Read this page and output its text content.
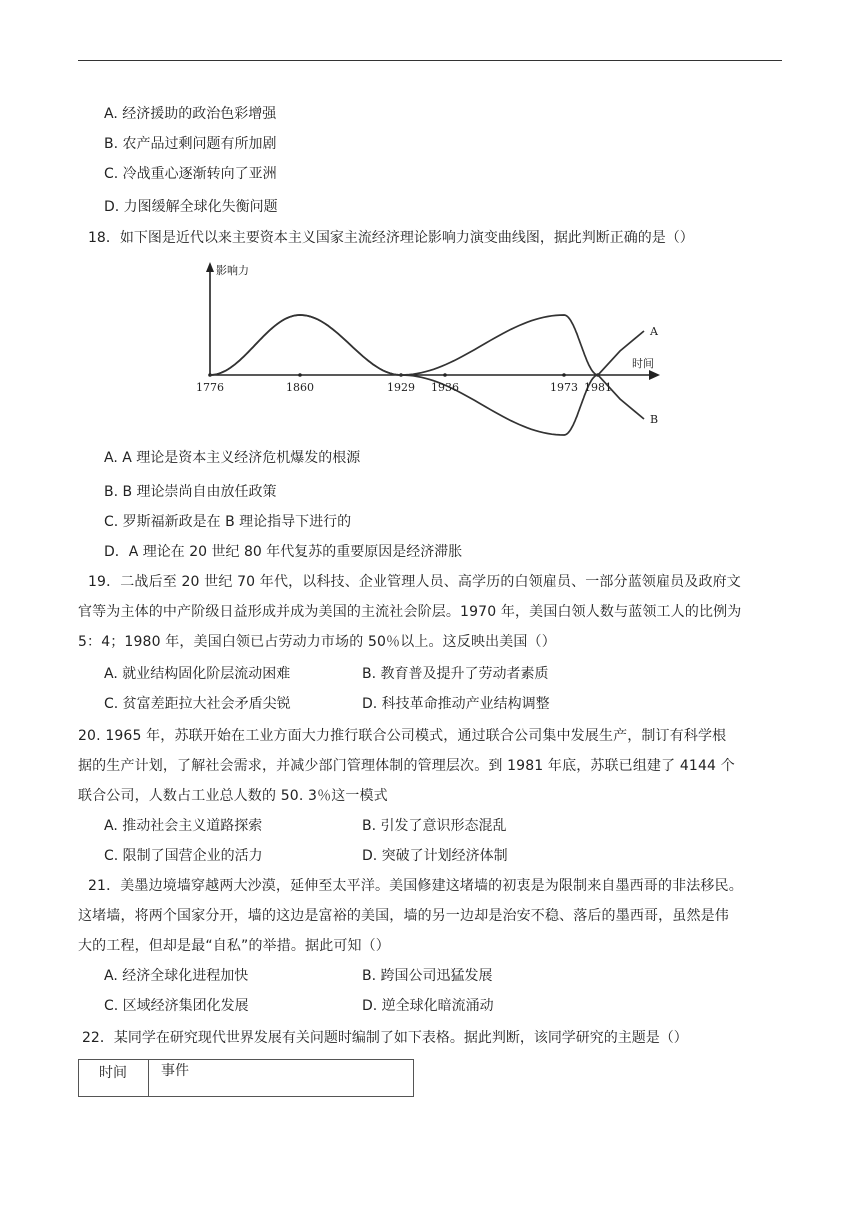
A. 经济援助的政治色彩增强
B. 农产品过剩问题有所加剧
C. 冷战重心逐渐转向了亚洲
D. 力图缓解全球化失衡问题
18．如下图是近代以来主要资本主义国家主流经济理论影响力演变曲线图，据此判断正确的是（）
影响力
时间
1776	1860	1929 1936	1973 1981
A
B
A. A 理论是资本主义经济危机爆发的根源
B. B 理论崇尚自由放任政策
C. 罗斯福新政是在 B 理论指导下进行的
D．A 理论在 20 世纪 80 年代复苏的重要原因是经济滞胀
19．二战后至 20 世纪 70 年代，以科技、企业管理人员、高学历的白领雇员、一部分蓝领雇员及政府文
官等为主体的中产阶级日益形成并成为美国的主流社会阶层。1970 年，美国白领人数与蓝领工人的比例为
5：4；1980 年，美国白领已占劳动力市场的 50％以上。这反映出美国（）
A. 就业结构固化阶层流动困难	B. 教育普及提升了劳动者素质
C. 贫富差距拉大社会矛盾尖锐	D. 科技革命推动产业结构调整
20. 1965 年，苏联开始在工业方面大力推行联合公司模式，通过联合公司集中发展生产，制订有科学根
据的生产计划，了解社会需求，并减少部门管理体制的管理层次。到 1981 年底，苏联已组建了 4144 个
联合公司，人数占工业总人数的 50. 3％这一模式
A. 推动社会主义道路探索	B. 引发了意识形态混乱
C. 限制了国营企业的活力	D. 突破了计划经济体制
21．美墨边境墙穿越两大沙漠，延伸至太平洋。美国修建这堵墙的初衷是为限制来自墨西哥的非法移民。
这堵墙，将两个国家分开，墙的这边是富裕的美国，墙的另一边却是治安不稳、落后的墨西哥，虽然是伟
大的工程，但却是最“自私”的举措。据此可知（）
A. 经济全球化进程加快	B. 跨国公司迅猛发展
C. 区域经济集团化发展	D. 逆全球化暗流涌动
22．某同学在研究现代世界发展有关问题时编制了如下表格。据此判断，该同学研究的主题是（）
时间 事件
